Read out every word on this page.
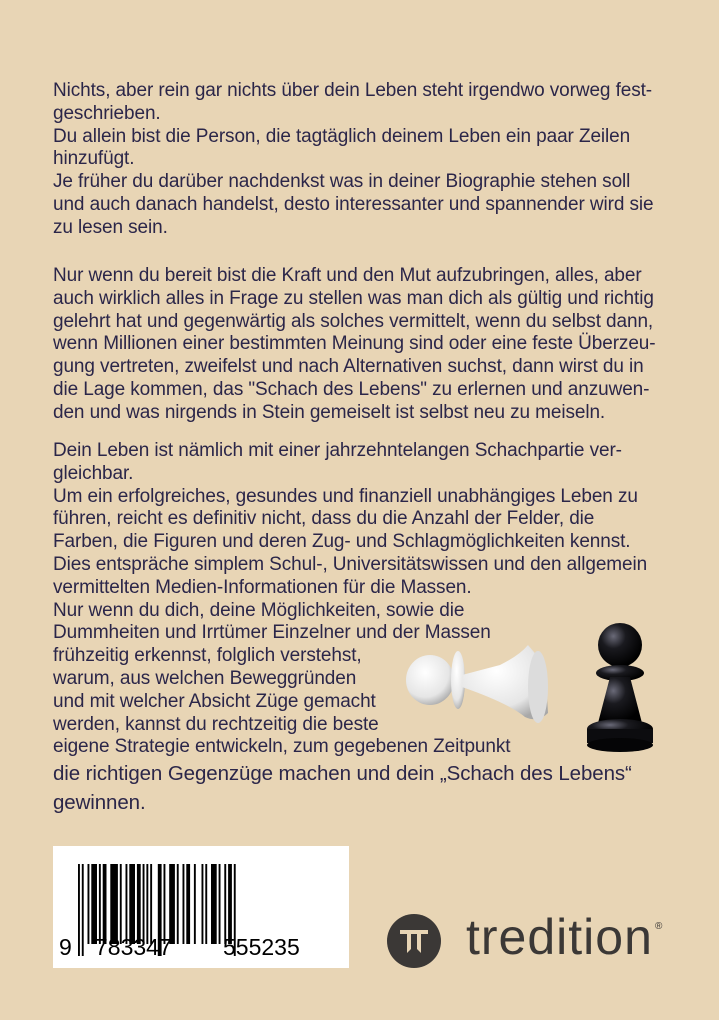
Nichts, aber rein gar nichts über dein Leben steht irgendwo vorweg fest-
geschrieben.
Du allein bist die Person, die tagtäglich deinem Leben ein paar Zeilen
hinzufügt.
Je früher du darüber nachdenkst was in deiner Biographie stehen soll
und auch danach handelst, desto interessanter und spannender wird sie
zu lesen sein.
Nur wenn du bereit bist die Kraft und den Mut aufzubringen, alles, aber
auch wirklich alles in Frage zu stellen was man dich als gültig und richtig
gelehrt hat und gegenwärtig als solches vermittelt, wenn du selbst dann,
wenn Millionen einer bestimmten Meinung sind oder eine feste Überzeu-
gung vertreten, zweifelst und nach Alternativen suchst, dann wirst du in
die Lage kommen, das "Schach des Lebens" zu erlernen und anzuwen-
den und was nirgends in Stein gemeiselt ist selbst neu zu meiseln.
Dein Leben ist nämlich mit einer jahrzehntelangen Schachpartie ver-
gleichbar.
Um ein erfolgreiches, gesundes und finanziell unabhängiges Leben zu
führen, reicht es definitiv nicht, dass du die Anzahl der Felder, die
Farben, die Figuren und deren Zug- und Schlagmöglichkeiten kennst.
Dies entspräche simplem Schul-, Universitätswissen und den allgemein
vermittelten Medien-Informationen für die Massen.
Nur wenn du dich, deine Möglichkeiten, sowie die
Dummheiten und Irrtümer Einzelner und der Massen
frühzeitig erkennst, folglich verstehst,
warum, aus welchen Beweggründen
und mit welcher Absicht Züge gemacht
werden, kannst du rechtzeitig die beste
eigene Strategie entwickeln, zum gegebenen Zeitpunkt
die richtigen Gegenzüge machen und dein „Schach des Lebens“
gewinnen.
9 783347 555235	tredition ®
